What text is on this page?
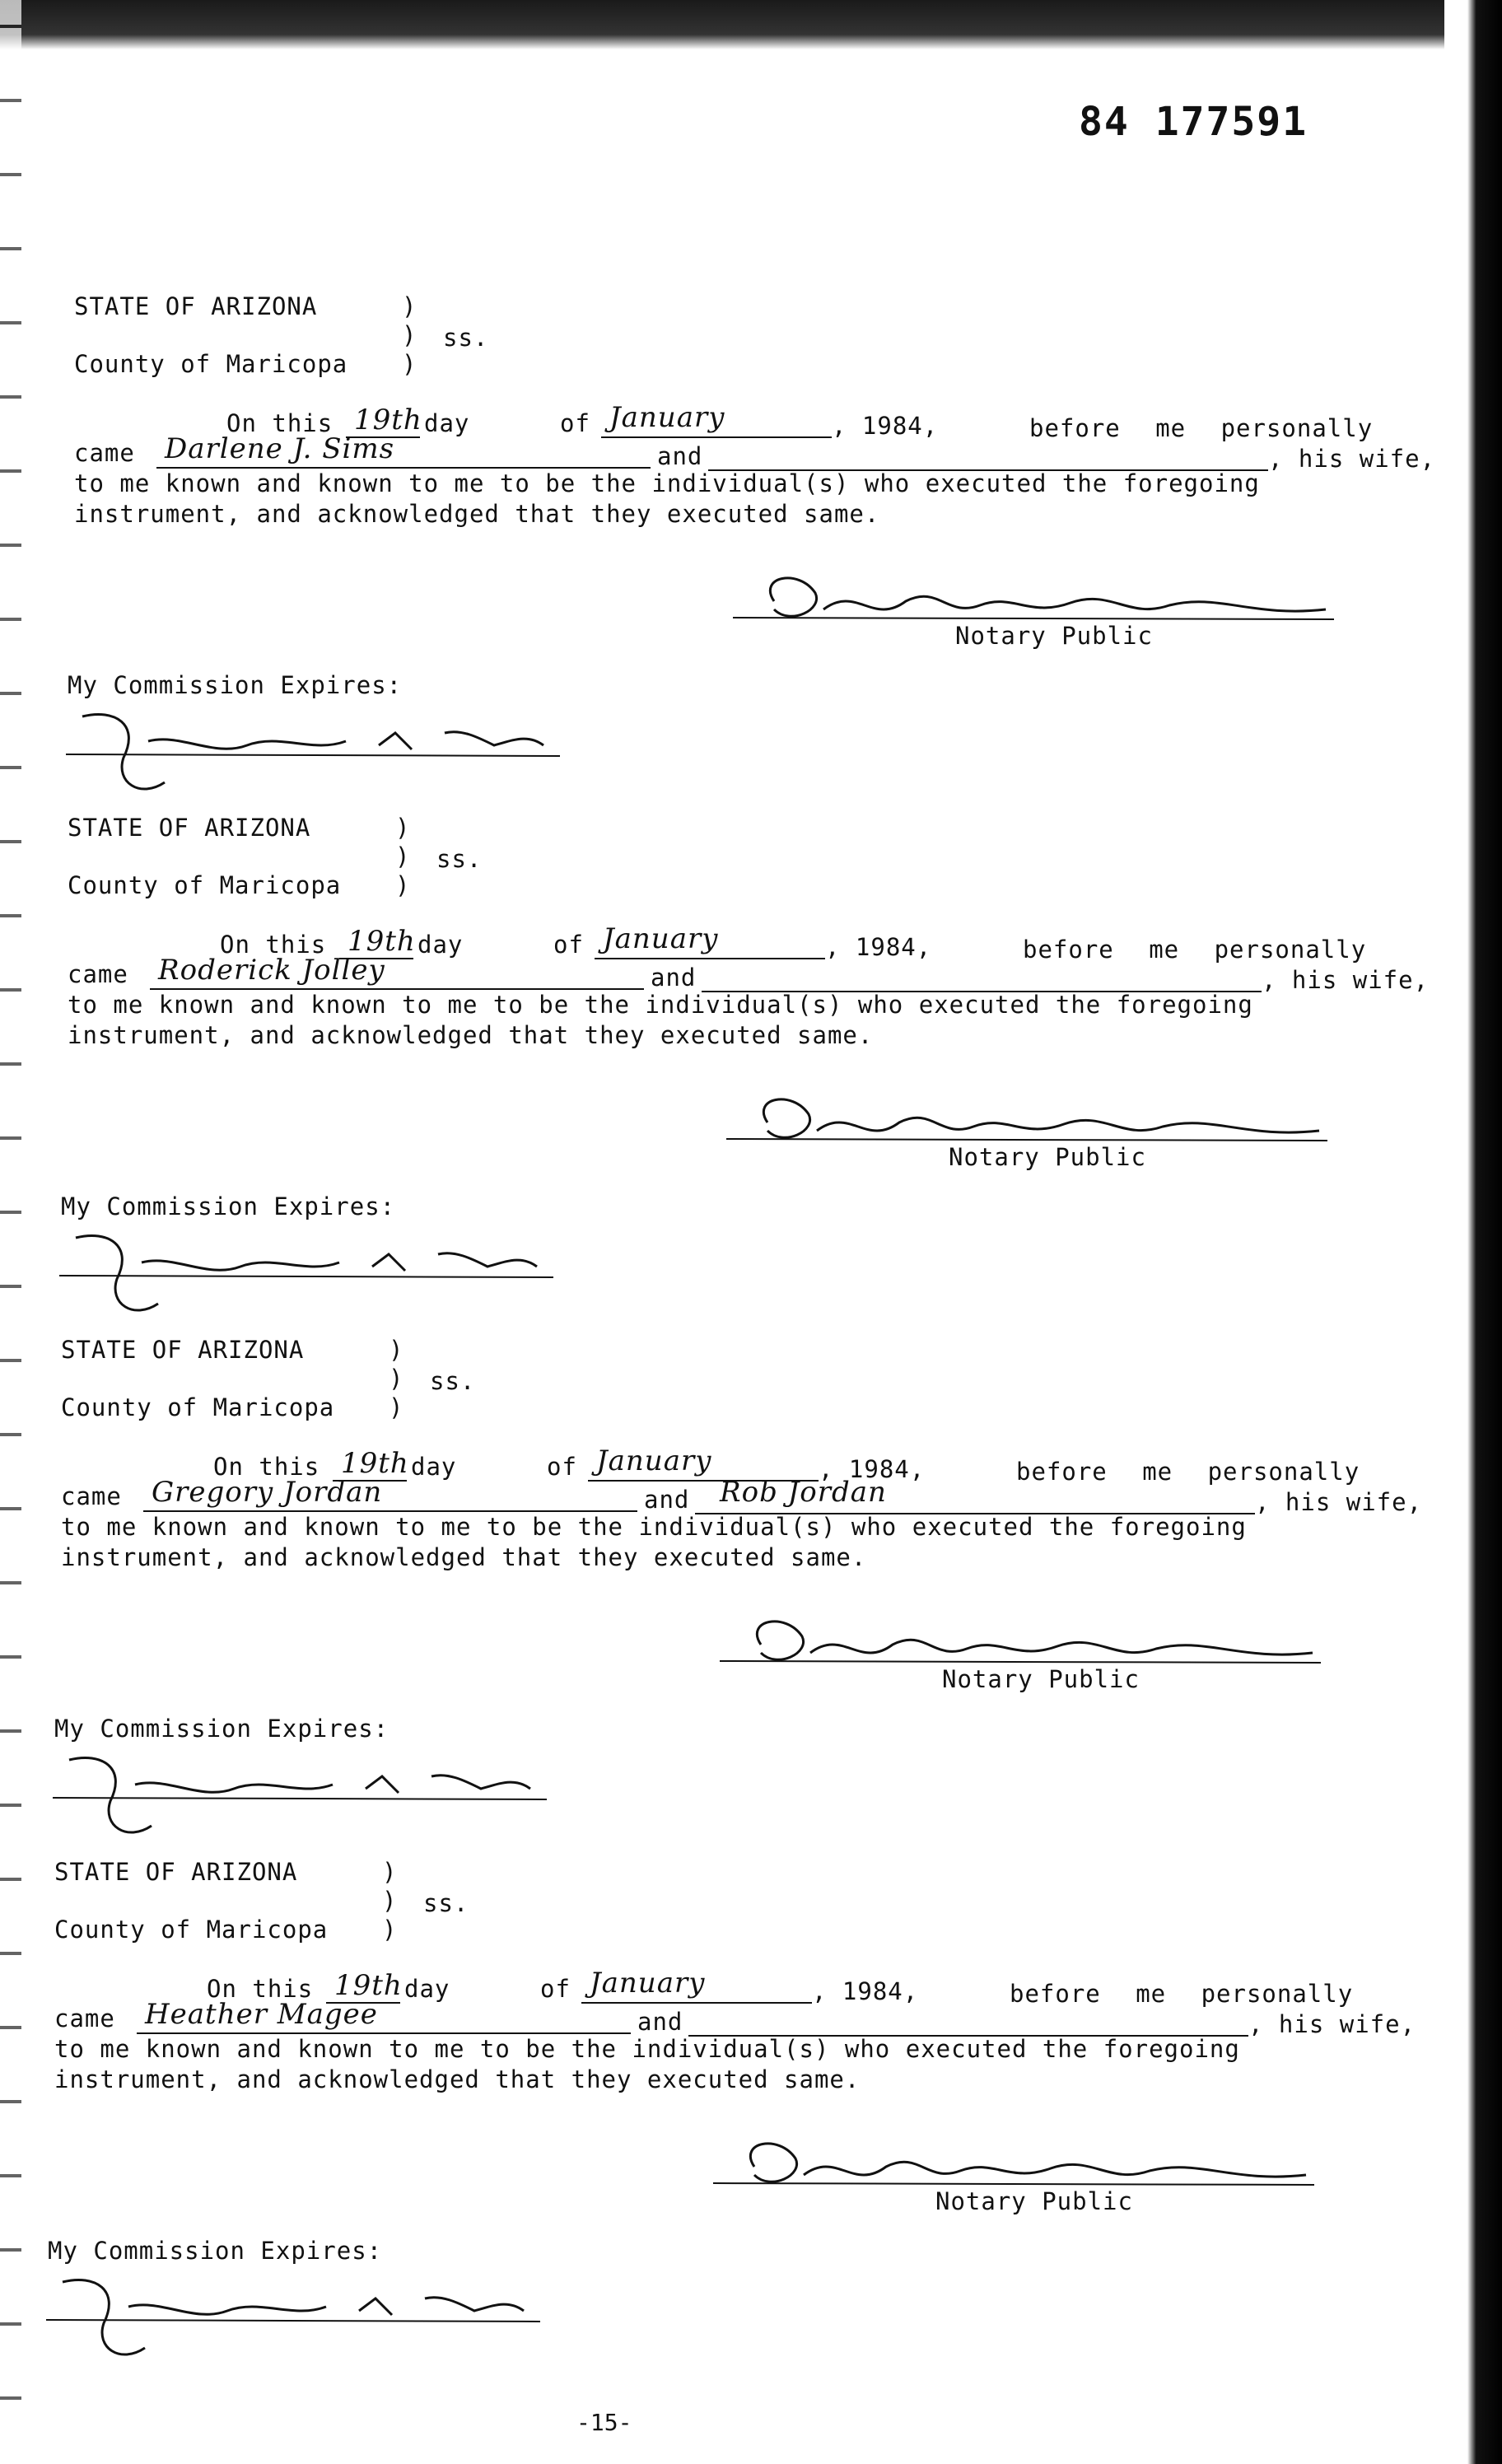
84 177591
STATE OF ARIZONA	)
) ss.
County of Maricopa )
On this 19th day	of January	, 1984,	before me personally
came Darlene J. Sims	and	, his wife,
to me known and known to me to be the individual(s) who executed the foregoing
instrument, and acknowledged that they executed same.
Notary Public
My Commission Expires:
STATE OF ARIZONA	)
) ss.
County of Maricopa )
On this 19th day	of January	, 1984,	before me personally
came Roderick Jolley	and	, his wife,
to me known and known to me to be the individual(s) who executed the foregoing
instrument, and acknowledged that they executed same.
Notary Public
My Commission Expires:
STATE OF ARIZONA	)
) ss.
County of Maricopa )
On this 19th day	of January	, 1984,	before me personally
came Gregory Jordan	and Rob Jordan	, his wife,
to me known and known to me to be the individual(s) who executed the foregoing
instrument, and acknowledged that they executed same.
Notary Public
My Commission Expires:
STATE OF ARIZONA	)
) ss.
County of Maricopa )
On this 19th day	of January	, 1984,	before me personally
came Heather Magee	and	, his wife,
to me known and known to me to be the individual(s) who executed the foregoing
instrument, and acknowledged that they executed same.
Notary Public
My Commission Expires:
-15-
